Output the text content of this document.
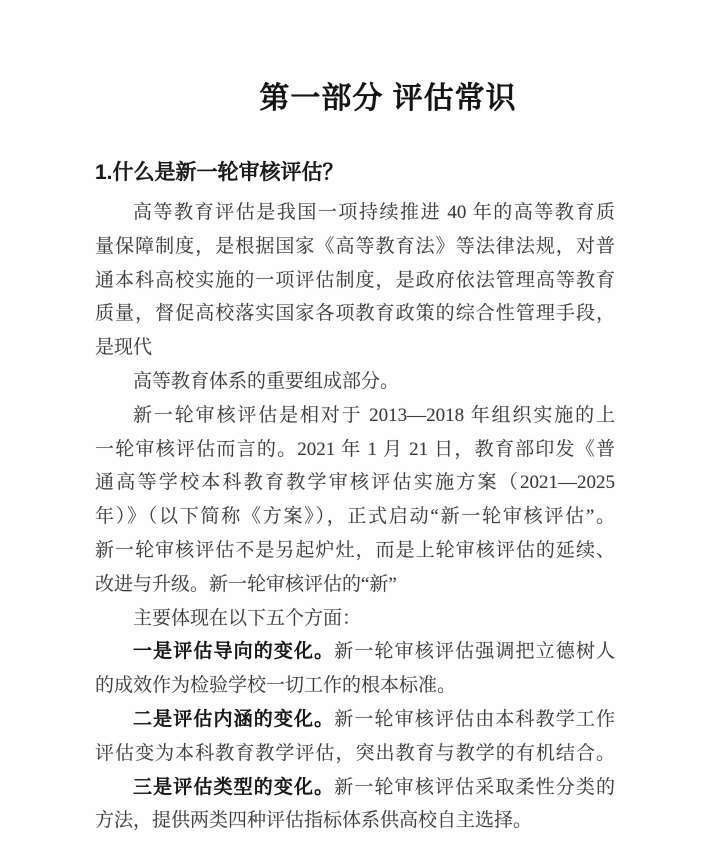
第一部分 评估常识
1.什么是新一轮审核评估？
高等教育评估是我国一项持续推进 40 年的高等教育质
量保障制度，是根据国家《高等教育法》等法律法规，对普
通本科高校实施的一项评估制度，是政府依法管理高等教育
质量，督促高校落实国家各项教育政策的综合性管理手段，
是现代
高等教育体系的重要组成部分。
新一轮审核评估是相对于 2013—2018 年组织实施的上
一轮审核评估而言的。2021 年 1 月 21 日，教育部印发《普
通高等学校本科教育教学审核评估实施方案（2021—2025
年）》（以下简称《方案》），正式启动“新一轮审核评估”。
新一轮审核评估不是另起炉灶，而是上轮审核评估的延续、
改进与升级。新一轮审核评估的“新”
主要体现在以下五个方面：
一是评估导向的变化。新一轮审核评估强调把立德树人
的成效作为检验学校一切工作的根本标准。
二是评估内涵的变化。新一轮审核评估由本科教学工作
评估变为本科教育教学评估，突出教育与教学的有机结合。
三是评估类型的变化。新一轮审核评估采取柔性分类的
方法，提供两类四种评估指标体系供高校自主选择。
